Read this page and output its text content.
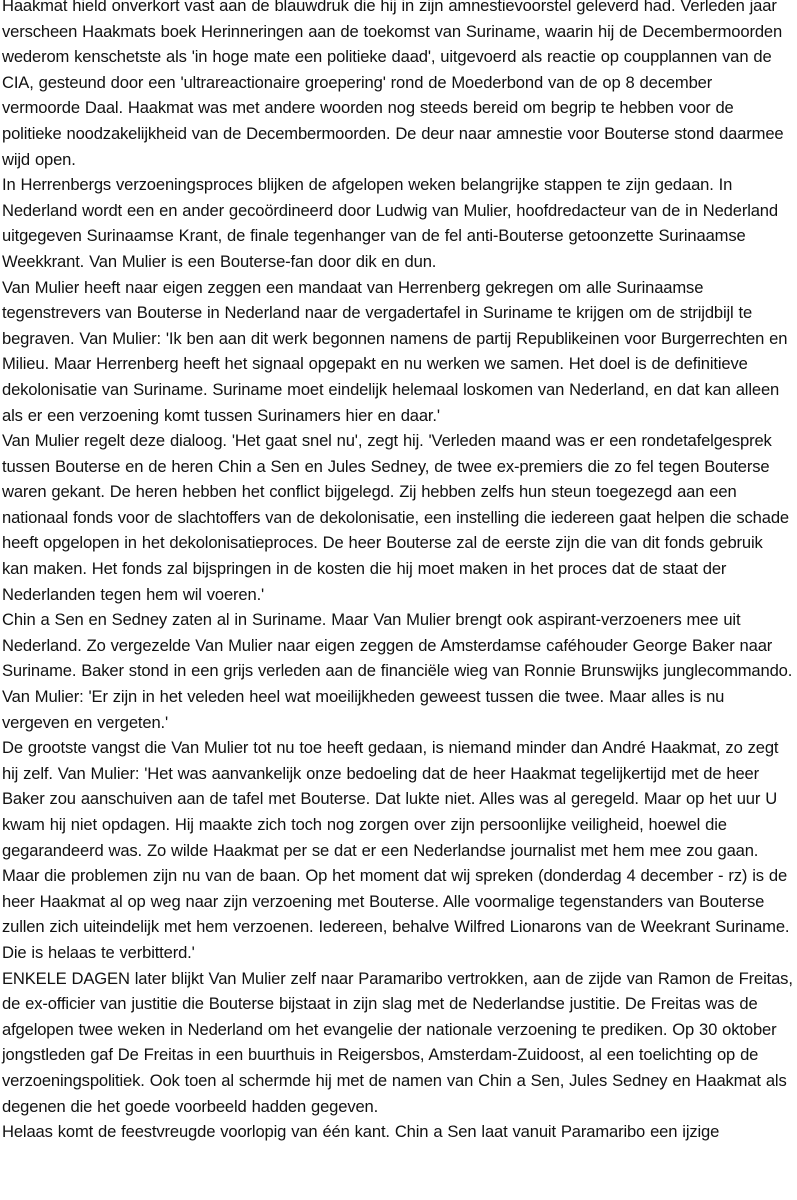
Haakmat hield onverkort vast aan de blauwdruk die hij in zijn amnestievoorstel geleverd had. Verleden jaar verscheen Haakmats boek Herinneringen aan de toekomst van Suriname, waarin hij de Decembermoorden wederom kenschetste als 'in hoge mate een politieke daad', uitgevoerd als reactie op coupplannen van de CIA, gesteund door een 'ultrareactionaire groepering' rond de Moederbond van de op 8 december vermoorde Daal. Haakmat was met andere woorden nog steeds bereid om begrip te hebben voor de politieke noodzakelijkheid van de Decembermoorden. De deur naar amnestie voor Bouterse stond daarmee wijd open.

In Herrenbergs verzoeningsproces blijken de afgelopen weken belangrijke stappen te zijn gedaan. In Nederland wordt een en ander gecoördineerd door Ludwig van Mulier, hoofdredacteur van de in Nederland uitgegeven Surinaamse Krant, de finale tegenhanger van de fel anti-Bouterse getoonzette Surinaamse Weekkrant. Van Mulier is een Bouterse-fan door dik en dun.

Van Mulier heeft naar eigen zeggen een mandaat van Herrenberg gekregen om alle Surinaamse tegenstrevers van Bouterse in Nederland naar de vergadertafel in Suriname te krijgen om de strijdbijl te begraven. Van Mulier: 'Ik ben aan dit werk begonnen namens de partij Republikeinen voor Burgerrechten en Milieu. Maar Herrenberg heeft het signaal opgepakt en nu werken we samen. Het doel is de definitieve dekolonisatie van Suriname. Suriname moet eindelijk helemaal loskomen van Nederland, en dat kan alleen als er een verzoening komt tussen Surinamers hier en daar.'

Van Mulier regelt deze dialoog. 'Het gaat snel nu', zegt hij. 'Verleden maand was er een rondetafelgesprek tussen Bouterse en de heren Chin a Sen en Jules Sedney, de twee ex-premiers die zo fel tegen Bouterse waren gekant. De heren hebben het conflict bijgelegd. Zij hebben zelfs hun steun toegezegd aan een nationaal fonds voor de slachtoffers van de dekolonisatie, een instelling die iedereen gaat helpen die schade heeft opgelopen in het dekolonisatieproces. De heer Bouterse zal de eerste zijn die van dit fonds gebruik kan maken. Het fonds zal bijspringen in de kosten die hij moet maken in het proces dat de staat der Nederlanden tegen hem wil voeren.'

Chin a Sen en Sedney zaten al in Suriname. Maar Van Mulier brengt ook aspirant-verzoeners mee uit Nederland. Zo vergezelde Van Mulier naar eigen zeggen de Amsterdamse caféhouder George Baker naar Suriname. Baker stond in een grijs verleden aan de financiële wieg van Ronnie Brunswijks junglecommando. Van Mulier: 'Er zijn in het veleden heel wat moeilijkheden geweest tussen die twee. Maar alles is nu vergeven en vergeten.'

De grootste vangst die Van Mulier tot nu toe heeft gedaan, is niemand minder dan André Haakmat, zo zegt hij zelf. Van Mulier: 'Het was aanvankelijk onze bedoeling dat de heer Haakmat tegelijkertijd met de heer Baker zou aanschuiven aan de tafel met Bouterse. Dat lukte niet. Alles was al geregeld. Maar op het uur U kwam hij niet opdagen. Hij maakte zich toch nog zorgen over zijn persoonlijke veiligheid, hoewel die gegarandeerd was. Zo wilde Haakmat per se dat er een Nederlandse journalist met hem mee zou gaan. Maar die problemen zijn nu van de baan. Op het moment dat wij spreken (donderdag 4 december - rz) is de heer Haakmat al op weg naar zijn verzoening met Bouterse. Alle voormalige tegenstanders van Bouterse zullen zich uiteindelijk met hem verzoenen. Iedereen, behalve Wilfred Lionarons van de Weekrant Suriname. Die is helaas te verbitterd.'

ENKELE DAGEN later blijkt Van Mulier zelf naar Paramaribo vertrokken, aan de zijde van Ramon de Freitas, de ex-officier van justitie die Bouterse bijstaat in zijn slag met de Nederlandse justitie. De Freitas was de afgelopen twee weken in Nederland om het evangelie der nationale verzoening te prediken. Op 30 oktober jongstleden gaf De Freitas in een buurthuis in Reigersbos, Amsterdam-Zuidoost, al een toelichting op de verzoeningspolitiek. Ook toen al schermde hij met de namen van Chin a Sen, Jules Sedney en Haakmat als degenen die het goede voorbeeld hadden gegeven.

Helaas komt de feestvreugde voorlopig van één kant. Chin a Sen laat vanuit Paramaribo een ijzige
